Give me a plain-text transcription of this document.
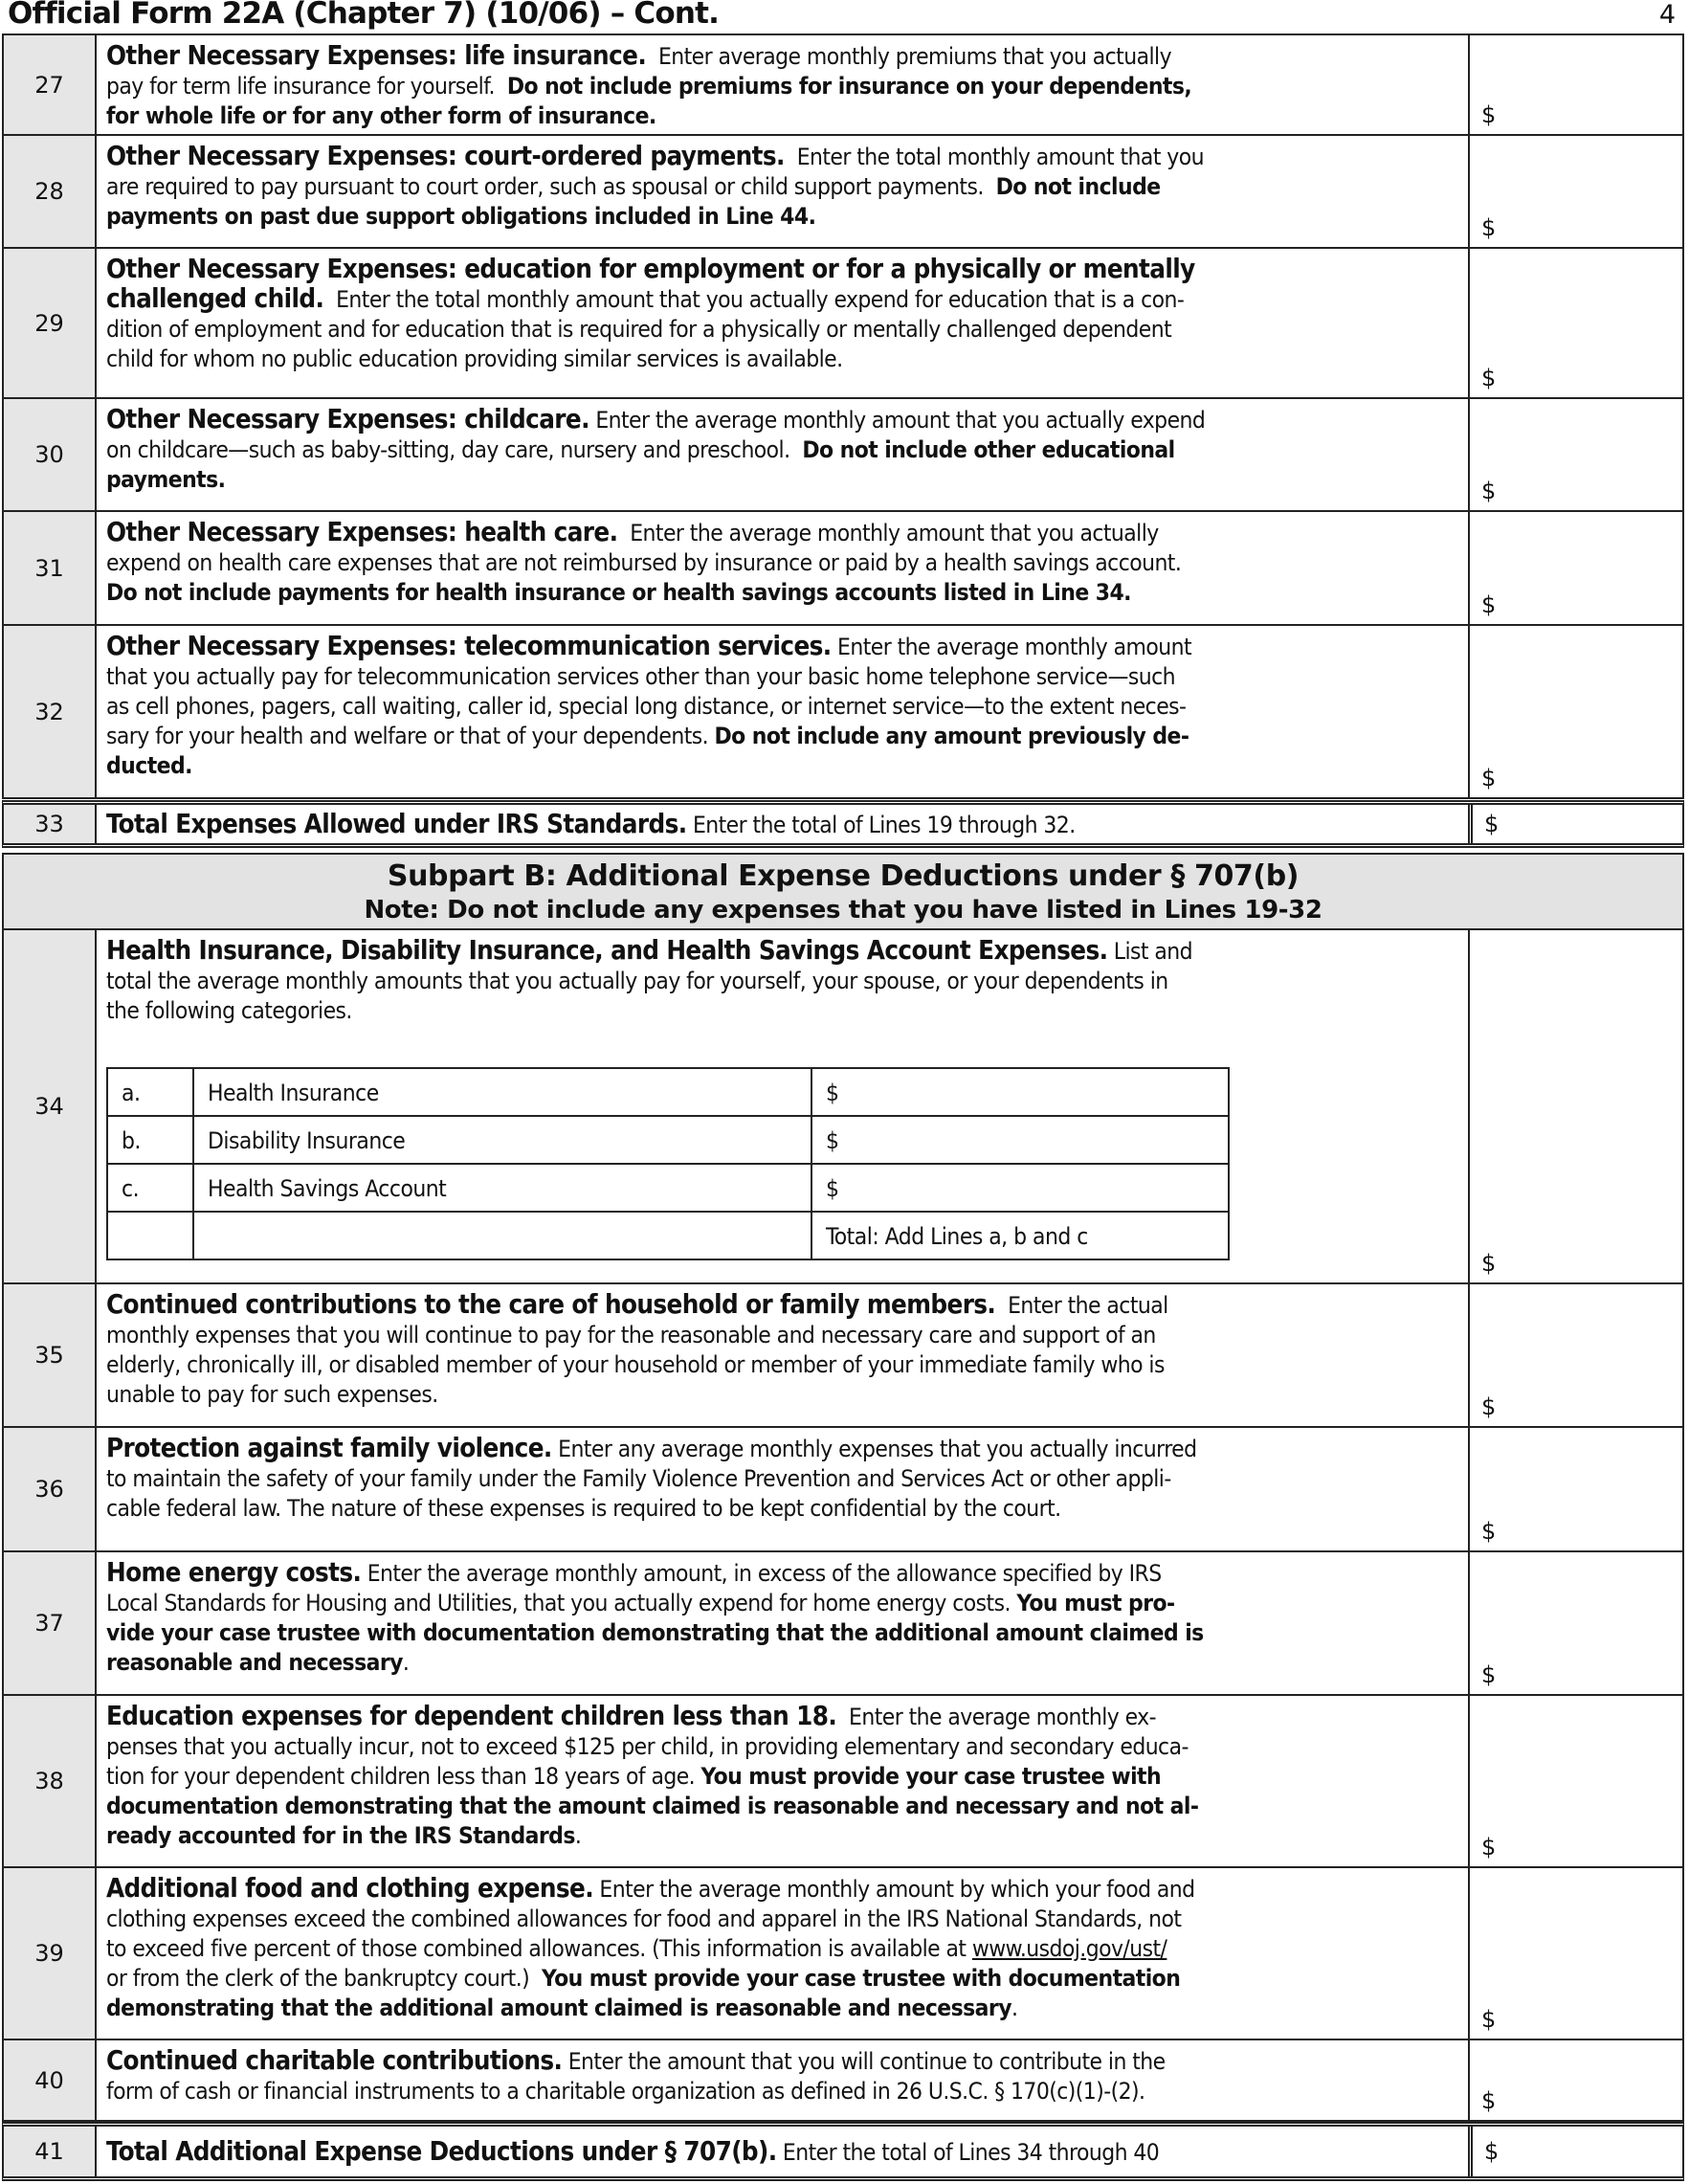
Official Form 22A (Chapter 7) (10/06) – Cont.	4
27
Other Necessary Expenses: life insurance.  Enter average monthly premiums that you actually
pay for term life insurance for yourself.  Do not include premiums for insurance on your dependents,
for whole life or for any other form of insurance.	$
28
Other Necessary Expenses: court-ordered payments.  Enter the total monthly amount that you
are required to pay pursuant to court order, such as spousal or child support payments.  Do not include
payments on past due support obligations included in Line 44.	$
29
Other Necessary Expenses: education for employment or for a physically or mentally
challenged child.  Enter the total monthly amount that you actually expend for education that is a con-
dition of employment and for education that is required for a physically or mentally challenged dependent
child for whom no public education providing similar services is available.
$
30
Other Necessary Expenses: childcare. Enter the average monthly amount that you actually expend
on childcare—such as baby-sitting, day care, nursery and preschool.  Do not include other educational
payments.	$
31
Other Necessary Expenses: health care.  Enter the average monthly amount that you actually
expend on health care expenses that are not reimbursed by insurance or paid by a health savings account.
Do not include payments for health insurance or health savings accounts listed in Line 34.	$
32
Other Necessary Expenses: telecommunication services. Enter the average monthly amount
that you actually pay for telecommunication services other than your basic home telephone service—such
as cell phones, pagers, call waiting, caller id, special long distance, or internet service—to the extent neces-
sary for your health and welfare or that of your dependents. Do not include any amount previously de-
ducted.	$
33	Total Expenses Allowed under IRS Standards. Enter the total of Lines 19 through 32.	$
Subpart B: Additional Expense Deductions under § 707(b)
Note: Do not include any expenses that you have listed in Lines 19-32
34
Health Insurance, Disability Insurance, and Health Savings Account Expenses. List and
total the average monthly amounts that you actually pay for yourself, your spouse, or your dependents in
the following categories.
$
a.	Health Insurance	$
b.	Disability Insurance	$
c.	Health Savings Account	$
		Total: Add Lines a, b and c
35
Continued contributions to the care of household or family members.  Enter the actual
monthly expenses that you will continue to pay for the reasonable and necessary care and support of an
elderly, chronically ill, or disabled member of your household or member of your immediate family who is
unable to pay for such expenses.	$
36
Protection against family violence. Enter any average monthly expenses that you actually incurred
to maintain the safety of your family under the Family Violence Prevention and Services Act or other appli-
cable federal law. The nature of these expenses is required to be kept confidential by the court.
$
37
Home energy costs. Enter the average monthly amount, in excess of the allowance specified by IRS
Local Standards for Housing and Utilities, that you actually expend for home energy costs. You must pro-
vide your case trustee with documentation demonstrating that the additional amount claimed is
reasonable and necessary.	$
38
Education expenses for dependent children less than 18.  Enter the average monthly ex-
penses that you actually incur, not to exceed $125 per child, in providing elementary and secondary educa-
tion for your dependent children less than 18 years of age. You must provide your case trustee with
documentation demonstrating that the amount claimed is reasonable and necessary and not al-
ready accounted for in the IRS Standards.	$
39
Additional food and clothing expense. Enter the average monthly amount by which your food and
clothing expenses exceed the combined allowances for food and apparel in the IRS National Standards, not
to exceed five percent of those combined allowances. (This information is available at www.usdoj.gov/ust/
or from the clerk of the bankruptcy court.)  You must provide your case trustee with documentation
demonstrating that the additional amount claimed is reasonable and necessary.	$
40
Continued charitable contributions. Enter the amount that you will continue to contribute in the
form of cash or financial instruments to a charitable organization as defined in 26 U.S.C. § 170(c)(1)-(2).	$
41	Total Additional Expense Deductions under § 707(b). Enter the total of Lines 34 through 40	$
